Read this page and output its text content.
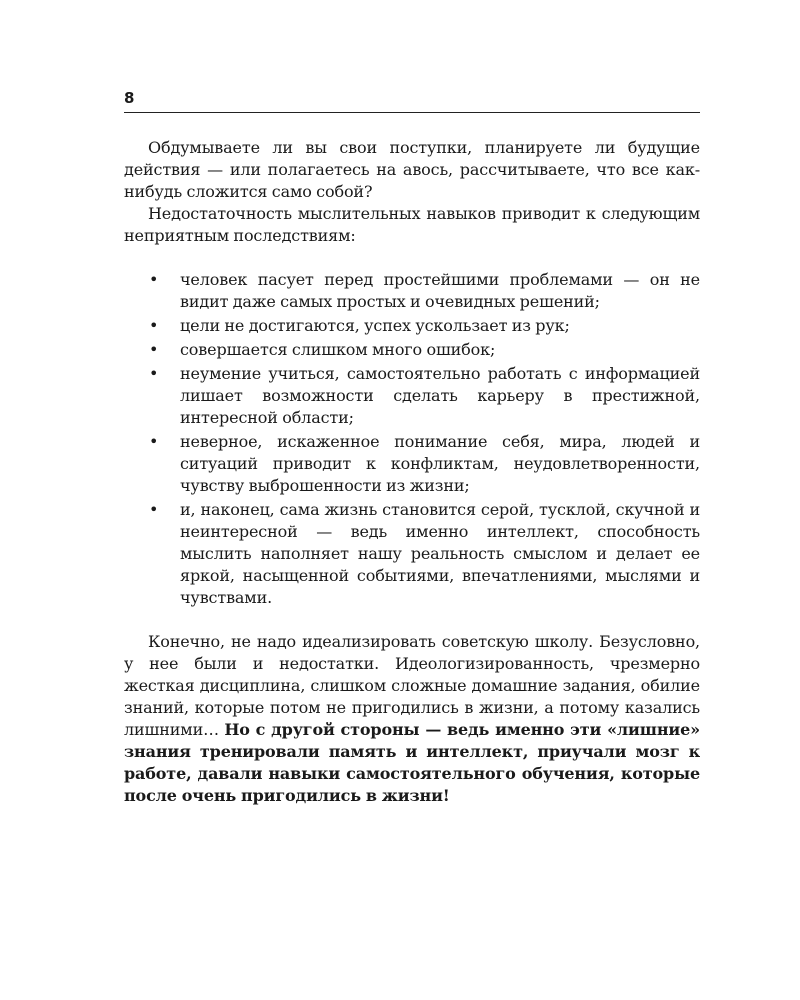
8

Обдумываете ли вы свои поступки, планируете ли будущие действия — или полагаетесь на авось, рассчитываете, что все как-нибудь сложится само собой?

Недостаточность мыслительных навыков приводит к следующим неприятным последствиям:

• человек пасует перед простейшими проблемами — он не видит даже самых простых и очевидных решений;
• цели не достигаются, успех ускользает из рук;
• совершается слишком много ошибок;
• неумение учиться, самостоятельно работать с информацией лишает возможности сделать карьеру в престижной, интересной области;
• неверное, искаженное понимание себя, мира, людей и ситуаций приводит к конфликтам, неудовлетворенности, чувству выброшенности из жизни;
• и, наконец, сама жизнь становится серой, тусклой, скучной и неинтересной — ведь именно интеллект, способность мыслить наполняет нашу реальность смыслом и делает ее яркой, насыщенной событиями, впечатлениями, мыслями и чувствами.

Конечно, не надо идеализировать советскую школу. Безусловно, у нее были и недостатки. Идеологизированность, чрезмерно жесткая дисциплина, слишком сложные домашние задания, обилие знаний, которые потом не пригодились в жизни, а потому казались лишними… Но с другой стороны — ведь именно эти «лишние» знания тренировали память и интеллект, приучали мозг к работе, давали навыки самостоятельного обучения, которые после очень пригодились в жизни!
